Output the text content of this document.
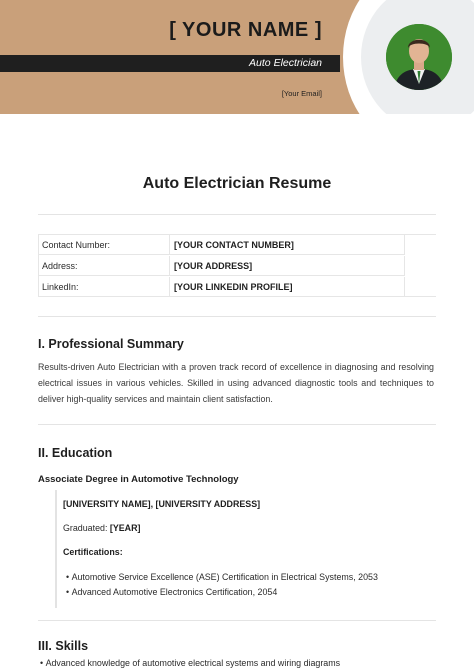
[ YOUR NAME ]
Auto Electrician
[Your Email]
Auto Electrician Resume
Contact Number:	[YOUR CONTACT NUMBER]
Address:	[YOUR ADDRESS]
LinkedIn:	[YOUR LINKEDIN PROFILE]
I. Professional Summary
Results-driven Auto Electrician with a proven track record of excellence in diagnosing and resolving electrical issues in various vehicles. Skilled in using advanced diagnostic tools and techniques to deliver high-quality services and maintain client satisfaction.
II. Education
Associate Degree in Automotive Technology
[UNIVERSITY NAME], [UNIVERSITY ADDRESS]
Graduated: [YEAR]
Certifications:
• Automotive Service Excellence (ASE) Certification in Electrical Systems, 2053
• Advanced Automotive Electronics Certification, 2054
III. Skills
• Advanced knowledge of automotive electrical systems and wiring diagrams
